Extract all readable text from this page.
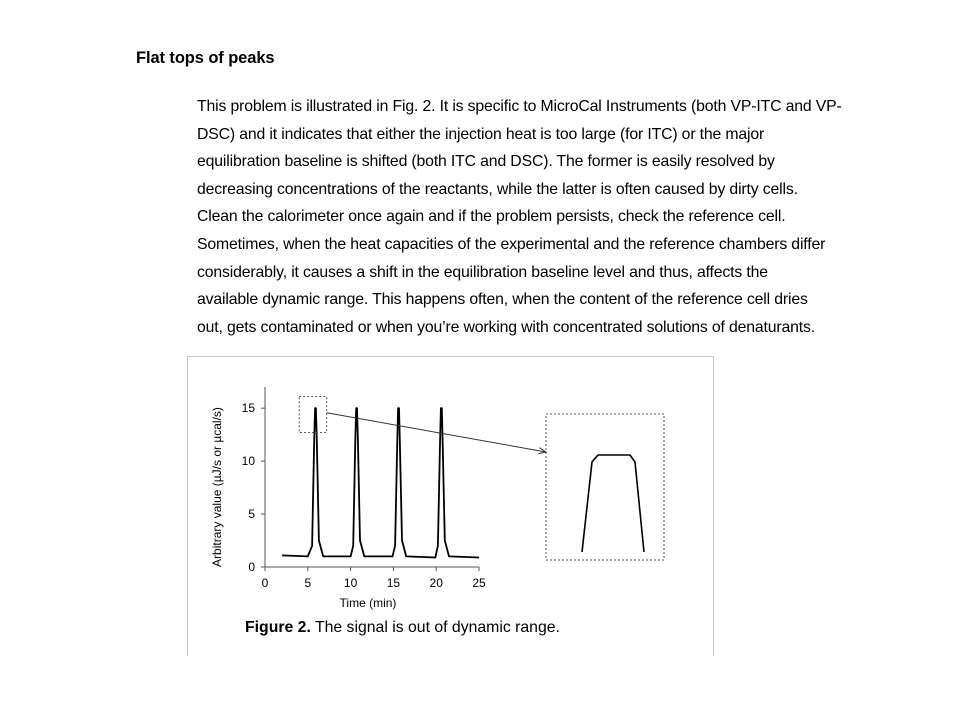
Flat tops of peaks
This problem is illustrated in Fig. 2. It is specific to MicroCal Instruments (both VP-ITC and VP-
DSC) and it indicates that either the injection heat is too large (for ITC) or the major
equilibration baseline is shifted (both ITC and DSC). The former is easily resolved by
decreasing concentrations of the reactants, while the latter is often caused by dirty cells.
Clean the calorimeter once again and if the problem persists, check the reference cell.
Sometimes, when the heat capacities of the experimental and the reference chambers differ
considerably, it causes a shift in the equilibration baseline level and thus, affects the
available dynamic range. This happens often, when the content of the reference cell dries
out, gets contaminated or when you’re working with concentrated solutions of denaturants.
0	5	10 15 20 25
0
5
10
15
Time (min)
Arbitrary value (µJ/s or µcal/s)

Figure 2. The signal is out of dynamic range.
